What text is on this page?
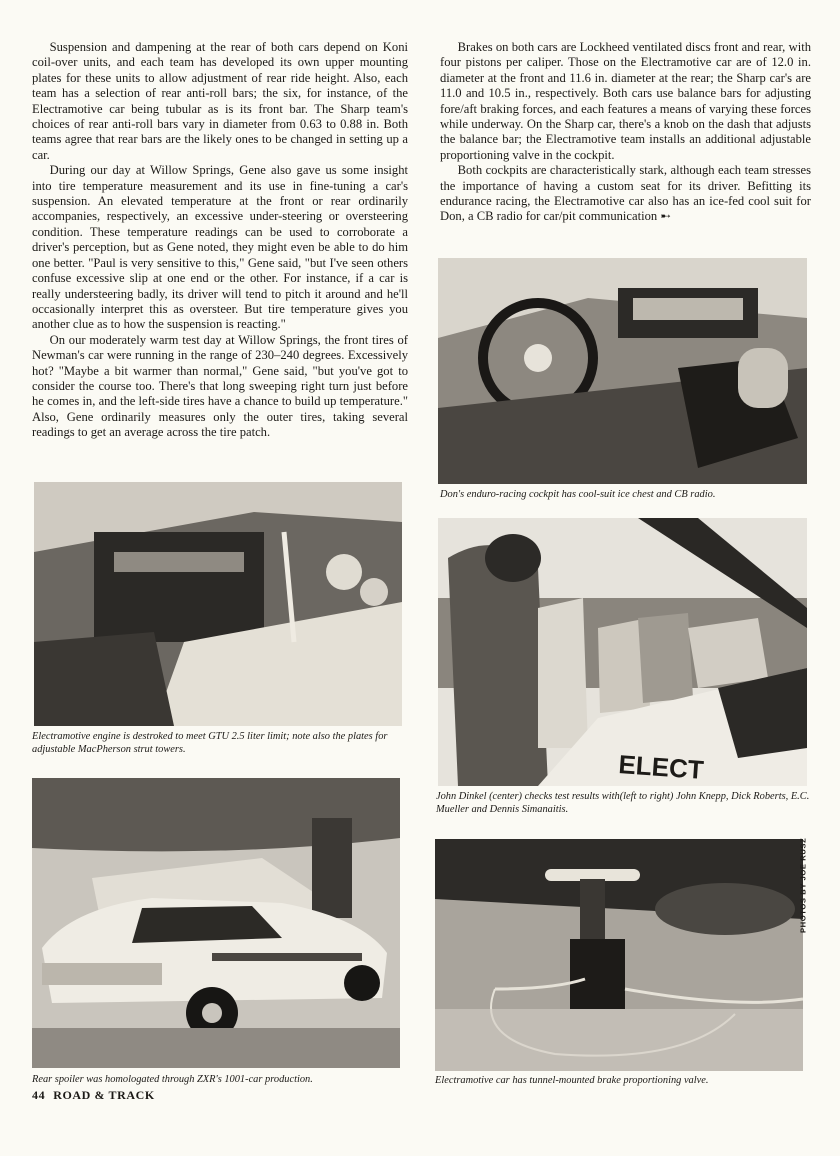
Suspension and dampening at the rear of both cars depend on Koni coil-over units, and each team has developed its own upper mounting plates for these units to allow adjustment of rear ride height. Also, each team has a selection of rear anti-roll bars; the six, for instance, of the Electramotive car being tubular as is its front bar. The Sharp team's choices of rear anti-roll bars vary in diameter from 0.63 to 0.88 in. Both teams agree that rear bars are the likely ones to be changed in setting up a car.

During our day at Willow Springs, Gene also gave us some insight into tire temperature measurement and its use in fine-tuning a car's suspension. An elevated temperature at the front or rear ordinarily accompanies, respectively, an excessive under-steering or oversteering condition. These temperature readings can be used to corroborate a driver's perception, but as Gene noted, they might even be able to do him one better. "Paul is very sensitive to this," Gene said, "but I've seen others confuse excessive slip at one end or the other. For instance, if a car is really understeering badly, its driver will tend to pitch it around and he'll occasionally interpret this as oversteer. But tire temperature gives you another clue as to how the suspension is reacting."

On our moderately warm test day at Willow Springs, the front tires of Newman's car were running in the range of 230–240 degrees. Excessively hot? "Maybe a bit warmer than normal," Gene said, "but you've got to consider the course too. There's that long sweeping right turn just before he comes in, and the left-side tires have a chance to build up temperature." Also, Gene ordinarily measures only the outer tires, taking several readings to get an average across the tire patch.

Brakes on both cars are Lockheed ventilated discs front and rear, with four pistons per caliper. Those on the Electramotive car are of 12.0 in. diameter at the front and 11.6 in. diameter at the rear; the Sharp car's are 11.0 and 10.5 in., respectively. Both cars use balance bars for adjusting fore/aft braking forces, and each features a means of varying these forces while underway. On the Sharp car, there's a knob on the dash that adjusts the balance bar; the Electramotive team installs an additional adjustable proportioning valve in the cockpit.

Both cockpits are characteristically stark, although each team stresses the importance of having a custom seat for its driver. Befitting its endurance racing, the Electramotive car also has an ice-fed cool suit for Don, a CB radio for car/pit communication ➸

Don's enduro-racing cockpit has cool-suit ice chest and CB radio.
Electramotive engine is destroked to meet GTU 2.5 liter limit; note also the plates for adjustable MacPherson strut towers.	ELECT
John Dinkel (center) checks test results with(left to right) John Knepp, Dick Roberts, E.C. Mueller and Dennis Simanaitis.
Rear spoiler was homologated through ZXR's 1001-car production.	Electramotive car has tunnel-mounted brake proportioning valve.
PHOTOS BY JOE RUSZ
44 ROAD & TRACK
